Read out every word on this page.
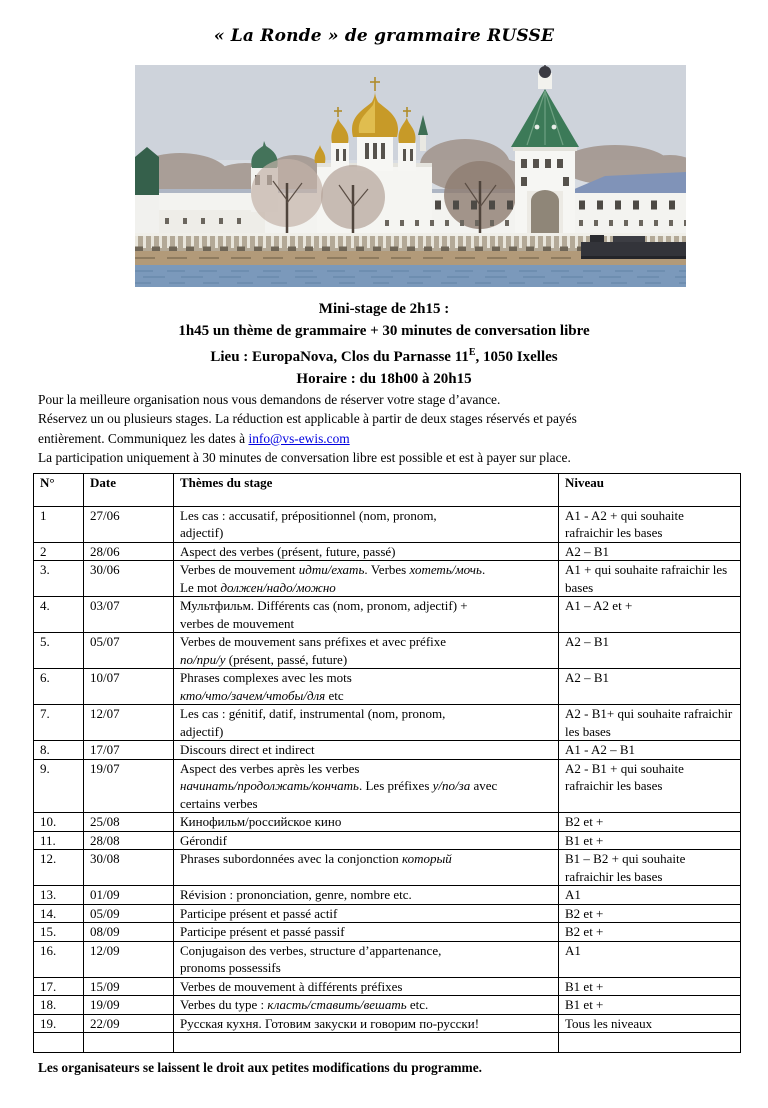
« La Ronde » de grammaire RUSSE
Mini-stage de 2h15 :
1h45 un thème de grammaire + 30 minutes de conversation libre
Lieu : EuropaNova, Clos du Parnasse $11^E$, 1050 Ixelles
Horaire : du 18h00 à 20h15
Pour la meilleure organisation nous vous demandons de réserver votre stage d’avance.
Réservez un ou plusieurs stages. La réduction est applicable à partir de deux stages réservés et payés
entièrement. Communiquez les dates à info@vs-ewis.com
La participation uniquement à 30 minutes de conversation libre est possible et est à payer sur place.
N°	Date	Thèmes du stage	Niveau
1	27/06	Les cas : accusatif, prépositionnel (nom, pronom,
adjectif)	A1 - A2 + qui souhaite rafraichir les bases
2	28/06	Aspect des verbes (présent, future, passé)	A2 – B1
3.	30/06	Verbes de mouvement идти/ехать. Verbes хотеть/мочь.
Le mot должен/надо/можно	A1 + qui souhaite rafraichir les bases
4.	03/07	Мультфильм. Différents cas (nom, pronom, adjectif) +
verbes de mouvement	A1 – A2 et +
5.	05/07	Verbes de mouvement sans préfixes et avec préfixe
по/при/у (présent, passé, future)	A2 – B1
6.	10/07	Phrases complexes avec les mots
кто/что/зачем/чтобы/для etc	A2 – B1
7.	12/07	Les cas : génitif, datif, instrumental (nom, pronom,
adjectif)	A2 - B1+ qui souhaite rafraichir les bases
8.	17/07	Discours direct et indirect	A1 - A2 – B1
9.	19/07	Aspect des verbes après les verbes
начинать/продолжать/кончать. Les préfixes у/по/за avec
certains verbes	A2 - B1 + qui souhaite rafraichir les bases
10.	25/08	Кинофильм/российское кино	B2 et +
11.	28/08	Gérondif	B1 et +
12.	30/08	Phrases subordonnées avec la conjonction который	B1 – B2 + qui souhaite rafraichir les bases
13.	01/09	Révision : prononciation, genre, nombre etc.	A1
14.	05/09	Participe présent et passé actif	B2 et +
15.	08/09	Participe présent et passé passif	B2 et +
16.	12/09	Conjugaison des verbes, structure d’appartenance,
pronoms possessifs	A1
17.	15/09	Verbes de mouvement à différents préfixes	B1 et +
18.	19/09	Verbes du type : класть/ставить/вешать etc.	B1 et +
19.	22/09	Русская кухня. Готовим закуски и говорим по-русски!	Tous les niveaux

Les organisateurs se laissent le droit aux petites modifications du programme.
